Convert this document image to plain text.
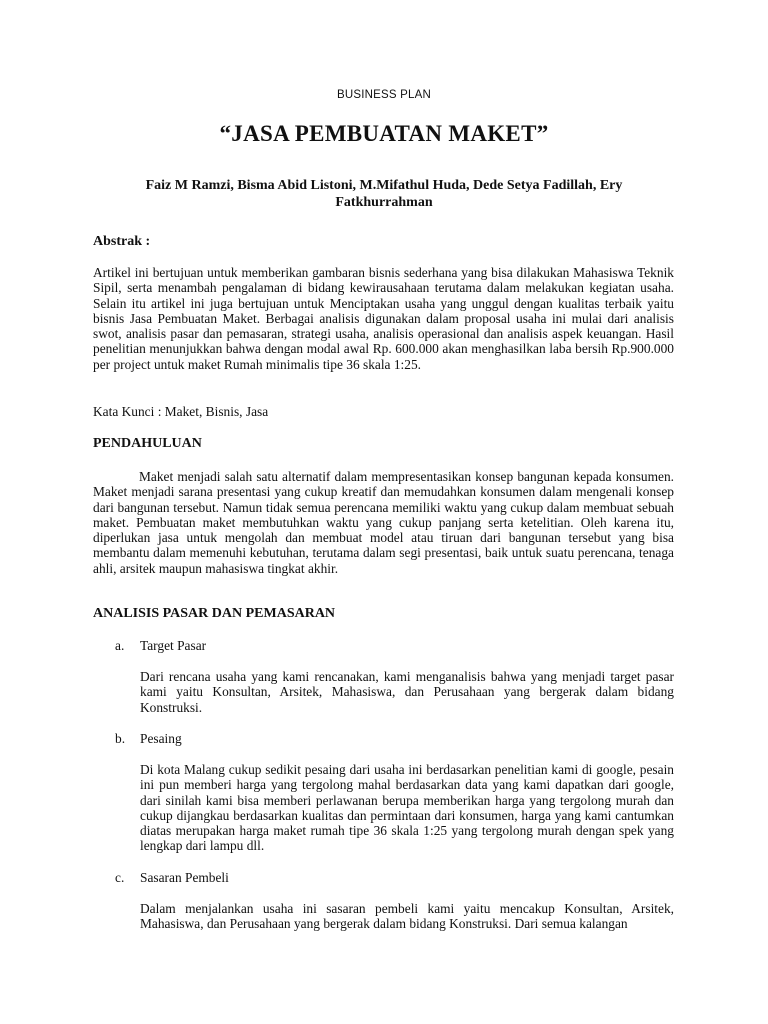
BUSINESS PLAN
“JASA PEMBUATAN MAKET”
Faiz M Ramzi, Bisma Abid Listoni, M.Mifathul Huda, Dede Setya Fadillah, Ery Fatkhurrahman
Abstrak :

Artikel ini bertujuan untuk memberikan gambaran bisnis sederhana yang bisa dilakukan Mahasiswa Teknik Sipil, serta menambah pengalaman di bidang kewirausahaan terutama dalam melakukan kegiatan usaha. Selain itu artikel ini juga bertujuan untuk Menciptakan usaha yang unggul dengan kualitas terbaik yaitu bisnis Jasa Pembuatan Maket. Berbagai analisis digunakan dalam proposal usaha ini mulai dari analisis swot, analisis pasar dan pemasaran, strategi usaha, analisis operasional dan analisis aspek keuangan. Hasil penelitian menunjukkan bahwa dengan modal awal Rp. 600.000 akan menghasilkan laba bersih Rp.900.000 per project untuk maket Rumah minimalis tipe 36 skala 1:25.

Kata Kunci : Maket, Bisnis, Jasa

PENDAHULUAN

Maket menjadi salah satu alternatif dalam mempresentasikan konsep bangunan kepada konsumen. Maket menjadi sarana presentasi yang cukup kreatif dan memudahkan konsumen dalam mengenali konsep dari bangunan tersebut. Namun tidak semua perencana memiliki waktu yang cukup dalam membuat sebuah maket. Pembuatan maket membutuhkan waktu yang cukup panjang serta ketelitian. Oleh karena itu, diperlukan jasa untuk mengolah dan membuat model atau tiruan dari bangunan tersebut yang bisa membantu dalam memenuhi kebutuhan, terutama dalam segi presentasi, baik untuk suatu perencana, tenaga ahli, arsitek maupun mahasiswa tingkat akhir.

ANALISIS PASAR DAN PEMASARAN
a. Target Pasar

Dari rencana usaha yang kami rencanakan, kami menganalisis bahwa yang menjadi target pasar kami yaitu Konsultan, Arsitek, Mahasiswa, dan Perusahaan yang bergerak dalam bidang Konstruksi.

b. Pesaing

Di kota Malang cukup sedikit pesaing dari usaha ini berdasarkan penelitian kami di google, pesain ini pun memberi harga yang tergolong mahal berdasarkan data yang kami dapatkan dari google, dari sinilah kami bisa memberi perlawanan berupa memberikan harga yang tergolong murah dan cukup dijangkau berdasarkan kualitas dan permintaan dari konsumen, harga yang kami cantumkan diatas merupakan harga maket rumah tipe 36 skala 1:25 yang tergolong murah dengan spek yang lengkap dari lampu dll.

c. Sasaran Pembeli

Dalam menjalankan usaha ini sasaran pembeli kami yaitu mencakup Konsultan, Arsitek, Mahasiswa, dan Perusahaan yang bergerak dalam bidang Konstruksi. Dari semua kalangan
